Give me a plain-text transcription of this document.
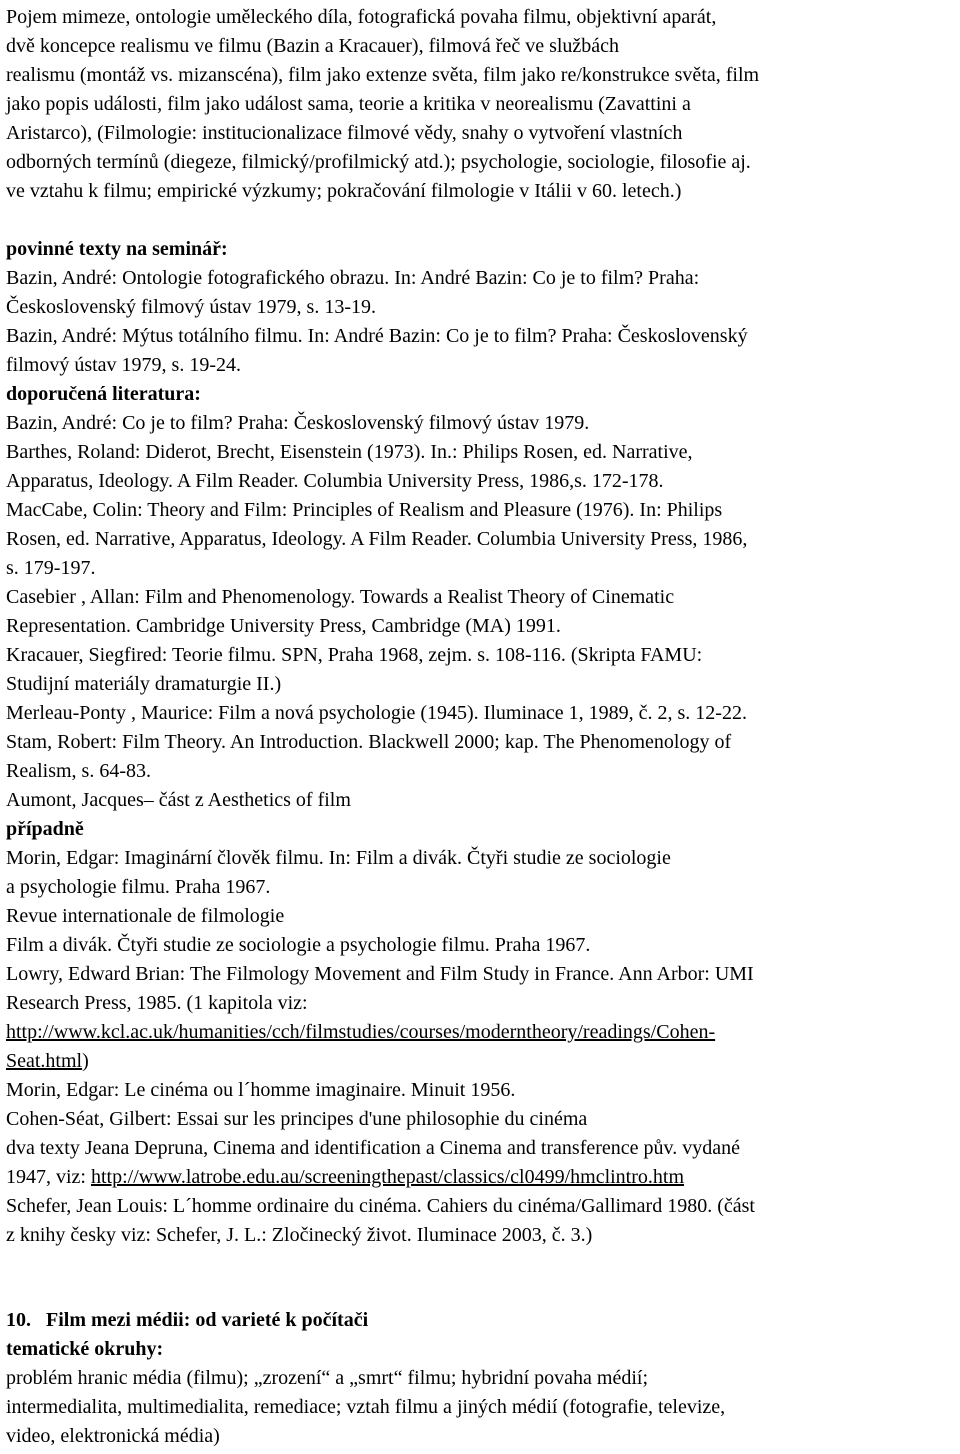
Pojem mimeze, ontologie uměleckého díla, fotografická povaha filmu, objektivní aparát,

dvě koncepce realismu ve filmu (Bazin a Kracauer), filmová řeč ve službách

realismu (montáž vs. mizanscéna), film jako extenze světa, film jako re/konstrukce světa, film

jako popis události, film jako událost sama, teorie a kritika v neorealismu (Zavattini a

Aristarco), (Filmologie: institucionalizace filmové vědy, snahy o vytvoření vlastních

odborných termínů (diegeze, filmický/profilmický atd.); psychologie, sociologie, filosofie aj.

ve vztahu k filmu; empirické výzkumy; pokračování filmologie v Itálii v 60. letech.)

povinné texty na seminář:

Bazin, André: Ontologie fotografického obrazu. In: André Bazin: Co je to film? Praha:

Československý filmový ústav 1979, s. 13-19.

Bazin, André: Mýtus totálního filmu. In: André Bazin: Co je to film? Praha: Československý

filmový ústav 1979, s. 19-24.

doporučená literatura:

Bazin, André: Co je to film? Praha: Československý filmový ústav 1979.

Barthes, Roland: Diderot, Brecht, Eisenstein (1973). In.: Philips Rosen, ed. Narrative,

Apparatus, Ideology. A Film Reader. Columbia University Press, 1986,s. 172-178.

MacCabe, Colin: Theory and Film: Principles of Realism and Pleasure (1976). In: Philips

Rosen, ed. Narrative, Apparatus, Ideology. A Film Reader. Columbia University Press, 1986,

s. 179-197.

Casebier , Allan: Film and Phenomenology. Towards a Realist Theory of Cinematic

Representation. Cambridge University Press, Cambridge (MA) 1991.

Kracauer, Siegfired: Teorie filmu. SPN, Praha 1968, zejm. s. 108-116. (Skripta FAMU:

Studijní materiály dramaturgie II.)

Merleau-Ponty , Maurice: Film a nová psychologie (1945). Iluminace 1, 1989, č. 2, s. 12-22.

Stam, Robert: Film Theory. An Introduction. Blackwell 2000; kap. The Phenomenology of

Realism, s. 64-83.

Aumont, Jacques– část z Aesthetics of film

případně

Morin, Edgar: Imaginární člověk filmu. In: Film a divák. Čtyři studie ze sociologie

a psychologie filmu. Praha 1967.

Revue internationale de filmologie

Film a divák. Čtyři studie ze sociologie a psychologie filmu. Praha 1967.

Lowry, Edward Brian: The Filmology Movement and Film Study in France. Ann Arbor: UMI

Research Press, 1985. (1 kapitola viz:

http://www.kcl.ac.uk/humanities/cch/filmstudies/courses/moderntheory/readings/Cohen-

Seat.html)

Morin, Edgar: Le cinéma ou l´homme imaginaire. Minuit 1956.

Cohen-Séat, Gilbert: Essai sur les principes d'une philosophie du cinéma

dva texty Jeana Depruna, Cinema and identification a Cinema and transference pův. vydané

1947, viz: http://www.latrobe.edu.au/screeningthepast/classics/cl0499/hmclintro.htm

Schefer, Jean Louis: L´homme ordinaire du cinéma. Cahiers du cinéma/Gallimard 1980. (část

z knihy česky viz: Schefer, J. L.: Zločinecký život. Iluminace 2003, č. 3.)

10. Film mezi médii: od varieté k počítači

tematické okruhy:

problém hranic média (filmu); „zrození“ a „smrt“ filmu; hybridní povaha médií;

intermedialita, multimedialita, remediace; vztah filmu a jiných médií (fotografie, televize,

video, elektronická média)
